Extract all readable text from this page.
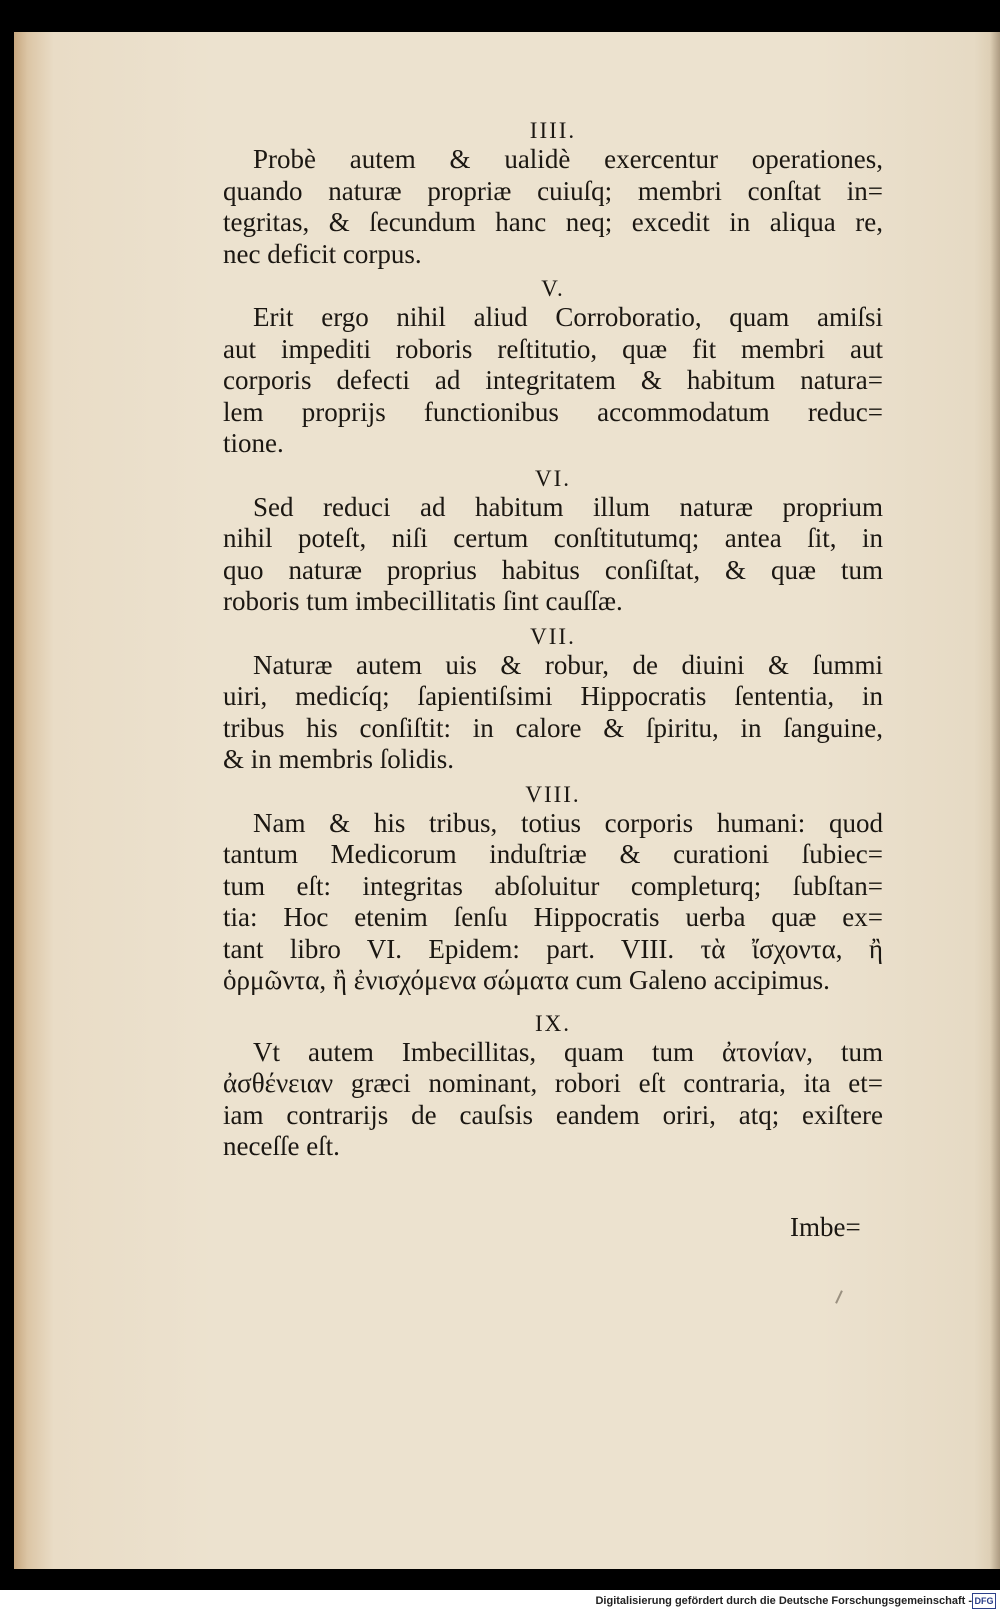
IIII.
Probè autem & ualidè exercentur operationes,
quando naturæ propriæ cuiuſq; membri conſtat in=
tegritas, & ſecundum hanc neq; excedit in aliqua re,
nec deficit corpus.
V.
Erit ergo nihil aliud Corroboratio, quam amiſsi
aut impediti roboris reſtitutio, quæ fit membri aut
corporis defecti ad integritatem & habitum natura=
lem proprijs functionibus accommodatum reduc=
tione.
VI.
Sed reduci ad habitum illum naturæ proprium
nihil poteſt, niſi certum conſtitutumq; antea ſit, in
quo naturæ proprius habitus conſiſtat, & quæ tum
roboris tum imbecillitatis ſint cauſſæ.
VII.
Naturæ autem uis & robur, de diuini & ſummi
uiri, medicíq; ſapientiſsimi Hippocratis ſententia, in
tribus his conſiſtit: in calore & ſpiritu, in ſanguine,
& in membris ſolidis.
VIII.
Nam & his tribus, totius corporis humani: quod
tantum Medicorum induſtriæ & curationi ſubiec=
tum eſt: integritas abſoluitur completurq; ſubſtan=
tia: Hoc etenim ſenſu Hippocratis uerba quæ ex=
tant libro VI. Epidem: part. VIII. τὰ ἴσχοντα, ἢ
ὁρμῶντα, ἢ ἐνισχόμενα σώματα cum Galeno accipimus.
IX.
Vt autem Imbecillitas, quam tum ἀτονίαν, tum
ἀσθένειαν græci nominant, robori eſt contraria, ita et=
iam contrarijs de cauſsis eandem oriri, atq; exiſtere
neceſſe eſt.
Imbe=
Digitalisierung gefördert durch die Deutsche Forschungsgemeinschaft - DFG
